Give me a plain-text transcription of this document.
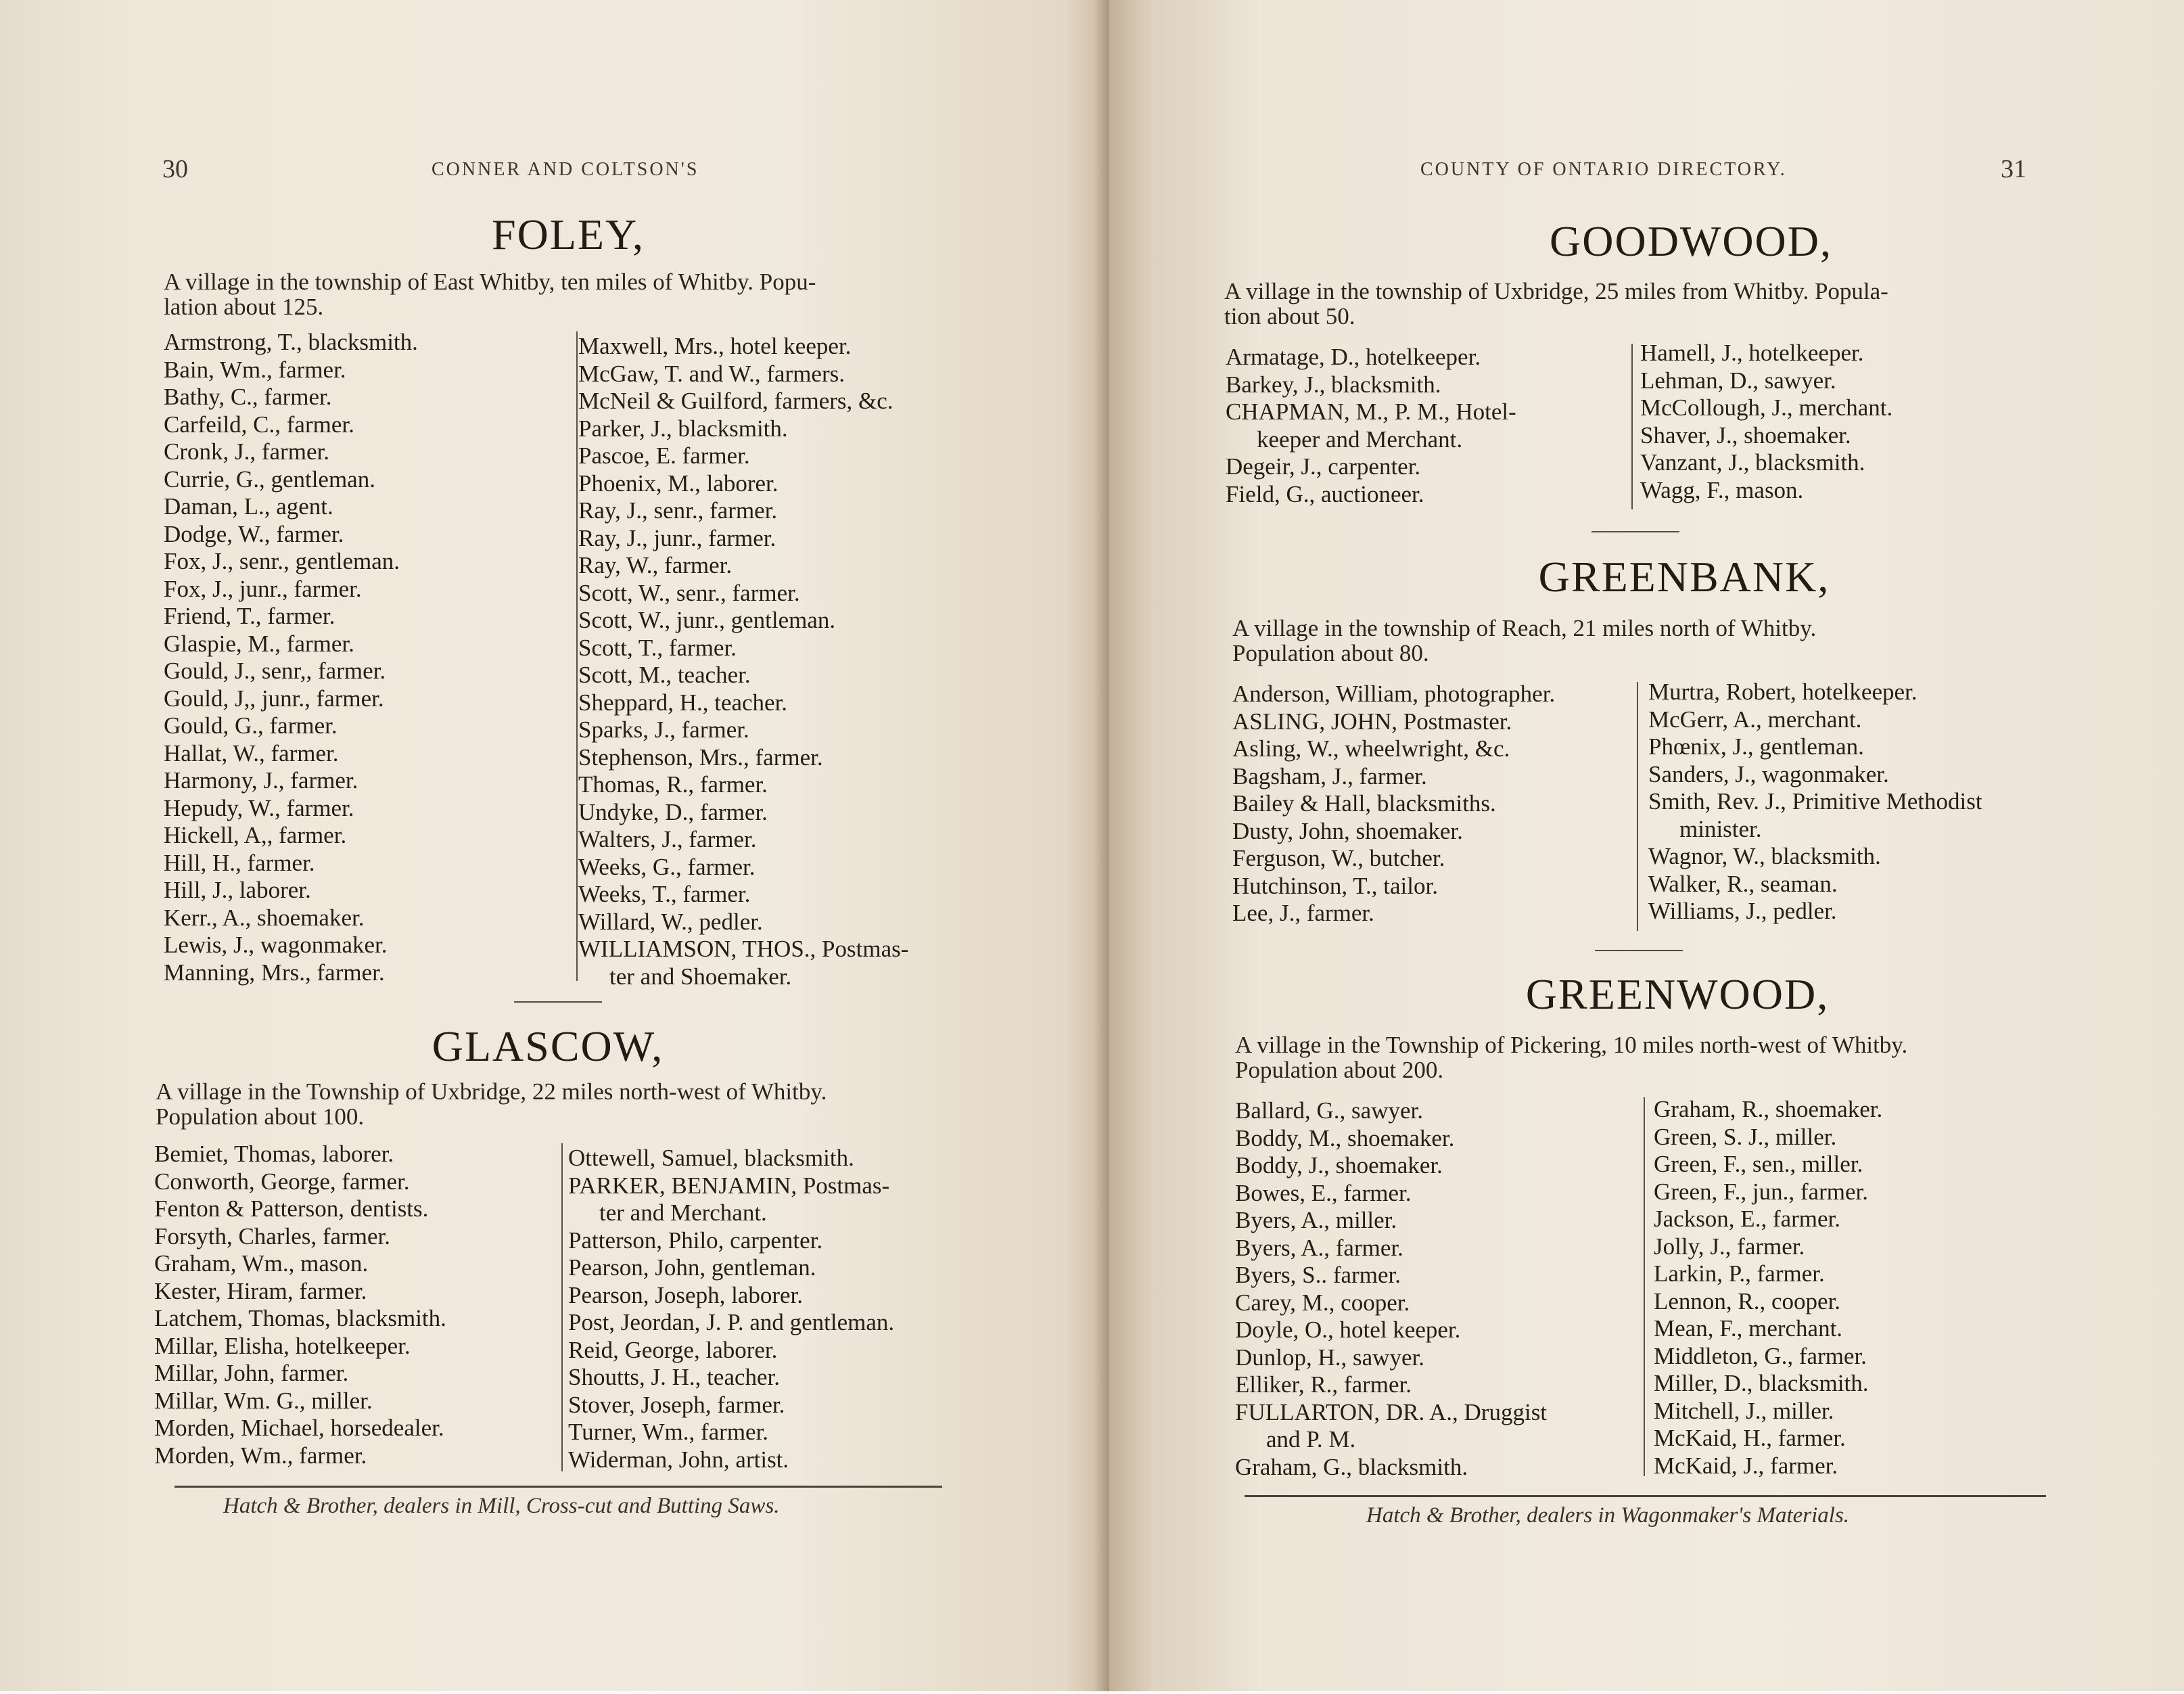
30	CONNER AND COLTSON'S
FOLEY,
A village in the township of East Whitby, ten miles of Whitby. Popu-
lation about 125.
Armstrong, T., blacksmith.
Bain, Wm., farmer.
Bathy, C., farmer.
Carfeild, C., farmer.
Cronk, J., farmer.
Currie, G., gentleman.
Daman, L., agent.
Dodge, W., farmer.
Fox, J., senr., gentleman.
Fox, J., junr., farmer.
Friend, T., farmer.
Glaspie, M., farmer.
Gould, J., senr,, farmer.
Gould, J,, junr., farmer.
Gould, G., farmer.
Hallat, W., farmer.
Harmony, J., farmer.
Hepudy, W., farmer.
Hickell, A,, farmer.
Hill, H., farmer.
Hill, J., laborer.
Kerr., A., shoemaker.
Lewis, J., wagonmaker.
Manning, Mrs., farmer.
Maxwell, Mrs., hotel keeper.
McGaw, T. and W., farmers.
McNeil & Guilford, farmers, &c.
Parker, J., blacksmith.
Pascoe, E. farmer.
Phoenix, M., laborer.
Ray, J., senr., farmer.
Ray, J., junr., farmer.
Ray, W., farmer.
Scott, W., senr., farmer.
Scott, W., junr., gentleman.
Scott, T., farmer.
Scott, M., teacher.
Sheppard, H., teacher.
Sparks, J., farmer.
Stephenson, Mrs., farmer.
Thomas, R., farmer.
Undyke, D., farmer.
Walters, J., farmer.
Weeks, G., farmer.
Weeks, T., farmer.
Willard, W., pedler.
WILLIAMSON, THOS., Postmas-
ter and Shoemaker.
GLASCOW,
A village in the Township of Uxbridge, 22 miles north-west of Whitby.
Population about 100.
Bemiet, Thomas, laborer.
Conworth, George, farmer.
Fenton & Patterson, dentists.
Forsyth, Charles, farmer.
Graham, Wm., mason.
Kester, Hiram, farmer.
Latchem, Thomas, blacksmith.
Millar, Elisha, hotelkeeper.
Millar, John, farmer.
Millar, Wm. G., miller.
Morden, Michael, horsedealer.
Morden, Wm., farmer.
Ottewell, Samuel, blacksmith.
PARKER, BENJAMIN, Postmas-
ter and Merchant.
Patterson, Philo, carpenter.
Pearson, John, gentleman.
Pearson, Joseph, laborer.
Post, Jeordan, J. P. and gentleman.
Reid, George, laborer.
Shoutts, J. H., teacher.
Stover, Joseph, farmer.
Turner, Wm., farmer.
Widerman, John, artist.
Hatch & Brother, dealers in Mill, Cross-cut and Butting Saws.
COUNTY OF ONTARIO DIRECTORY.	31
GOODWOOD,
A village in the township of Uxbridge, 25 miles from Whitby. Popula-
tion about 50.
Armatage, D., hotelkeeper.
Barkey, J., blacksmith.
CHAPMAN, M., P. M., Hotel-
keeper and Merchant.
Degeir, J., carpenter.
Field, G., auctioneer.
Hamell, J., hotelkeeper.
Lehman, D., sawyer.
McCollough, J., merchant.
Shaver, J., shoemaker.
Vanzant, J., blacksmith.
Wagg, F., mason.
GREENBANK,
A village in the township of Reach, 21 miles north of Whitby.
Population about 80.
Anderson, William, photographer.
ASLING, JOHN, Postmaster.
Asling, W., wheelwright, &c.
Bagsham, J., farmer.
Bailey & Hall, blacksmiths.
Dusty, John, shoemaker.
Ferguson, W., butcher.
Hutchinson, T., tailor.
Lee, J., farmer.
Murtra, Robert, hotelkeeper.
McGerr, A., merchant.
Phœnix, J., gentleman.
Sanders, J., wagonmaker.
Smith, Rev. J., Primitive Methodist
minister.
Wagnor, W., blacksmith.
Walker, R., seaman.
Williams, J., pedler.
GREENWOOD,
A village in the Township of Pickering, 10 miles north-west of Whitby.
Population about 200.
Ballard, G., sawyer.
Boddy, M., shoemaker.
Boddy, J., shoemaker.
Bowes, E., farmer.
Byers, A., miller.
Byers, A., farmer.
Byers, S.. farmer.
Carey, M., cooper.
Doyle, O., hotel keeper.
Dunlop, H., sawyer.
Elliker, R., farmer.
FULLARTON, DR. A., Druggist
and P. M.
Graham, G., blacksmith.
Graham, R., shoemaker.
Green, S. J., miller.
Green, F., sen., miller.
Green, F., jun., farmer.
Jackson, E., farmer.
Jolly, J., farmer.
Larkin, P., farmer.
Lennon, R., cooper.
Mean, F., merchant.
Middleton, G., farmer.
Miller, D., blacksmith.
Mitchell, J., miller.
McKaid, H., farmer.
McKaid, J., farmer.
Hatch & Brother, dealers in Wagonmaker's Materials.
